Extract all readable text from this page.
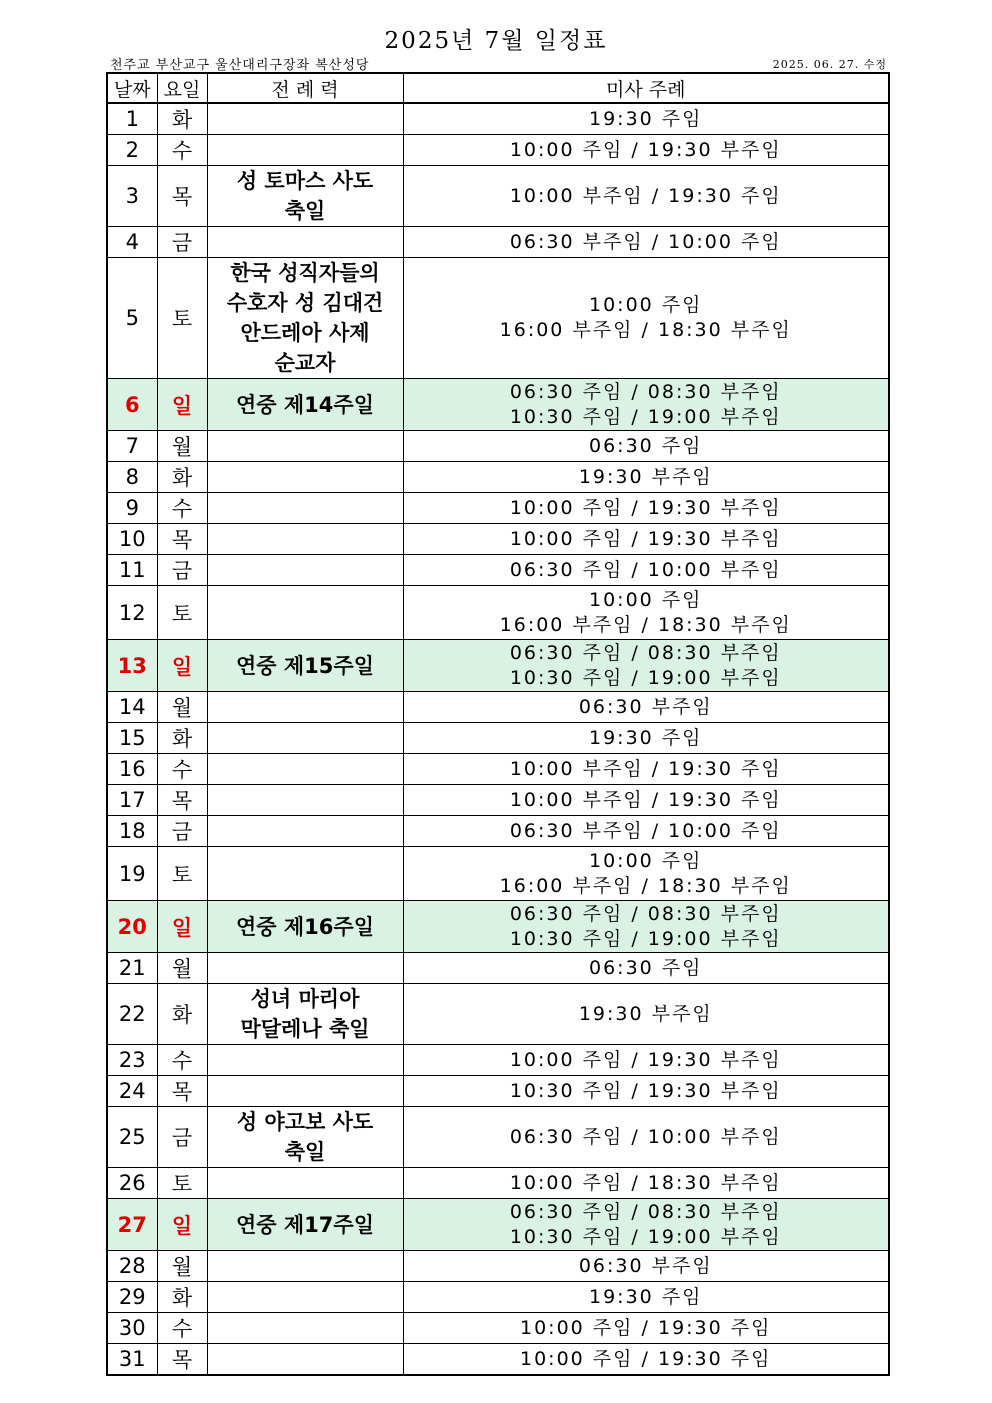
2025년 7월 일정표
천주교 부산교구 울산대리구장좌 복산성당	2025. 06. 27. 수정
날짜	요일	전 례 력	미사 주례
1	화		19:30 주임

2	수		10:00 주임 / 19:30 부주임

3	목	성 토마스 사도
축일	10:00 부주임 / 19:30 주임

4	금		06:30 부주임 / 10:00 주임

5	토	한국 성직자들의
수호자 성 김대건
안드레아 사제
순교자	10:00 주임
16:00 부주임 / 18:30 부주임

6	일	연중 제14주일	06:30 주임 / 08:30 부주임
10:30 주임 / 19:00 부주임

7	월		06:30 주임

8	화		19:30 부주임

9	수		10:00 주임 / 19:30 부주임

10	목		10:00 주임 / 19:30 부주임

11	금		06:30 주임 / 10:00 부주임

12	토		10:00 주임
16:00 부주임 / 18:30 부주임

13	일	연중 제15주일	06:30 주임 / 08:30 부주임
10:30 주임 / 19:00 부주임

14	월		06:30 부주임

15	화		19:30 주임

16	수		10:00 부주임 / 19:30 주임

17	목		10:00 부주임 / 19:30 주임

18	금		06:30 부주임 / 10:00 주임

19	토		10:00 주임
16:00 부주임 / 18:30 부주임

20	일	연중 제16주일	06:30 주임 / 08:30 부주임
10:30 주임 / 19:00 부주임

21	월		06:30 주임

22	화	성녀 마리아
막달레나 축일	19:30 부주임

23	수		10:00 주임 / 19:30 부주임

24	목		10:30 주임 / 19:30 부주임

25	금	성 야고보 사도
축일	06:30 주임 / 10:00 부주임

26	토		10:00 주임 / 18:30 부주임

27	일	연중 제17주일	06:30 주임 / 08:30 부주임
10:30 주임 / 19:00 부주임

28	월		06:30 부주임

29	화		19:30 주임

30	수		10:00 주임 / 19:30 주임

31	목		10:00 주임 / 19:30 주임
